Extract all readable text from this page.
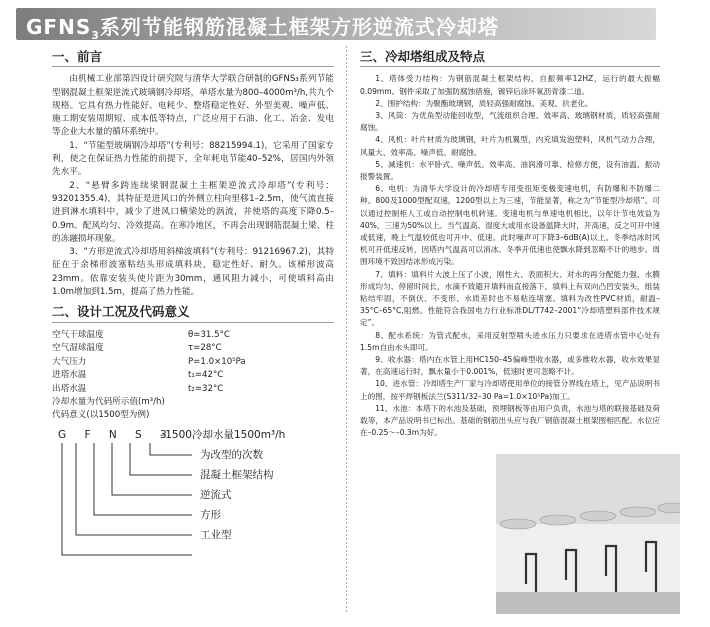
$GFNS_3$系列节能钢筋混凝土框架方形逆流式冷却塔
一、前言

由机械工业部第四设计研究院与清华大学联合研制的GFNS₃系列节能型钢混凝土框架逆流式玻璃钢冷却塔，单塔水量为800–4000m³/h,共九个规格。它具有热力性能好、电耗少、整塔稳定性好、外型美观、噪声低、施工期安装周期短、成本低等特点，广泛应用于石油、化工、冶金、发电等企业大水量的循环系统中。

1、“节能型玻璃钢冷却塔”(专利号：88215994.1)，它采用了国家专利，使之在保证热力性能的前提下，全年耗电节能40–52%，居国内外领先水平。

2、“悬臂多跨连续梁钢混凝土主框架逆流式冷却塔”(专利号：93201355.4)，其特征是进风口的外侧立柱向里移1–2.5m，使气流直接进到淋水填料中，减少了进风口横梁处的涡流，并使塔的高度下降0.5–0.9m。配风均匀、冷效提高。在寒冷地区，不再会出现钢筋混凝土梁、柱的冻融损坏现象。

3、“方形逆流式冷却塔用斜梯波填料”(专利号：91216967.2)，其特征在于余梯形波塞粘结头形成填料块，稳定性好、耐久。该梯形波高23mm。依靠安装头使片距为30mm，通风阻力减小，可使填料高由1.0m增加到1.5m，提高了热力性能。

二、设计工况及代码意义
空气干球温度	θ=31.5°C
空气湿球温度	τ=28°C
大气压力	P=1.0×10⁵Pa
进塔水温	t₁=42°C
出塔水温	t₂=32°C
冷却水量为代码所示值(m³/h)
代码意义(以1500型为例)
G F N S 3
–1500冷却水量1500m³/h
为改型的次数
混凝土框架结构
逆流式
方形
工业型
三、冷却塔组成及特点

1、塔体受力结构：为钢筋混凝土框架结构，自振频率12HZ，运行的最大振幅0.09mm。钢件采取了加强防腐蚀措施，镀锌后涂环氧沥青漆二道。

2、围护结构：为聚酯玻璃钢，质轻高强耐腐蚀、美观、抗老化。

3、风筒：为优角型动能回收型，气流组织合理、效率高、玻璃钢材质，质轻高强耐腐蚀。

4、风机：叶片材质为玻璃钢，叶片为机翼型，内充填发泡塑料，风机气动力合理，风量大、效率高、噪声低、耐腐蚀。

5、减速机：水平卧式、噪声低、效率高、油润滑可靠、检修方便，设有油温、振动报警装置。

6、电机：为清华大学设计的冷却塔专用变扭矩变极变速电机，有防爆和不防爆二种。800及1000型配双速，1200型以上为三速，节能显著，称之为“节能型冷却塔”。可以通过控制柜人工或自动控制电机转速。变速电机与单速电机相比，以年计节电效益为40%，三速为50%以上。当气温高、湿度大或用水设备温降大时，开高速，反之可开中速或低速，晚上气温较低也可开中、低速。此时噪声可下降3–6dB(A)以上。冬季结冰时风机可开低速反转，因塔内气温高可以消冰。冬季开低速也使飘水降到忽略不计的地步。周围环境不致因结冰形成污染。

7、填料：填料片大波上压了小波，刚性大、表面积大、对水的再分配能力强、水膜形成均匀、停留时间长，水滴不致避开填料而直接落下。填料上有双向凸凹安装头，组装粘结牢固，不倒伏、不变形、水质差时也不易粘连堵塞。填料为改性PVC材质，耐温–35°C–65°C,阻燃。性能符合我国电力行业标准DL/T742–2001“冷却塔塑料部件技术规定”。

8、配水系统：为管式配水，采用反射型喷头进水压力只要求在进塔水管中心处有1.5m自由水头即可。

9、收水器：塔内在水管上用HC150–45偏峰型收水器，或多维收水器，收水效果显著，在高速运行时，飘水量小于0.001%，低速时更可忽略不计。

10、进水管：冷却塔生产厂家与冷却塔使用单位的接管分界线在塔上，见产品说明书上的图，按平焊钢板法兰(S311/32–30 Pa=1.0×10⁵Pa)加工。

11、水池：本塔下的水池及基础，预埋钢板等由用户负责，水池与塔的联接基础及荷载等，本产品说明书已标出。基础的钢筋出头应与我厂钢筋混凝土框架图相匹配。水位应在–0.25～–0.3m为好。
